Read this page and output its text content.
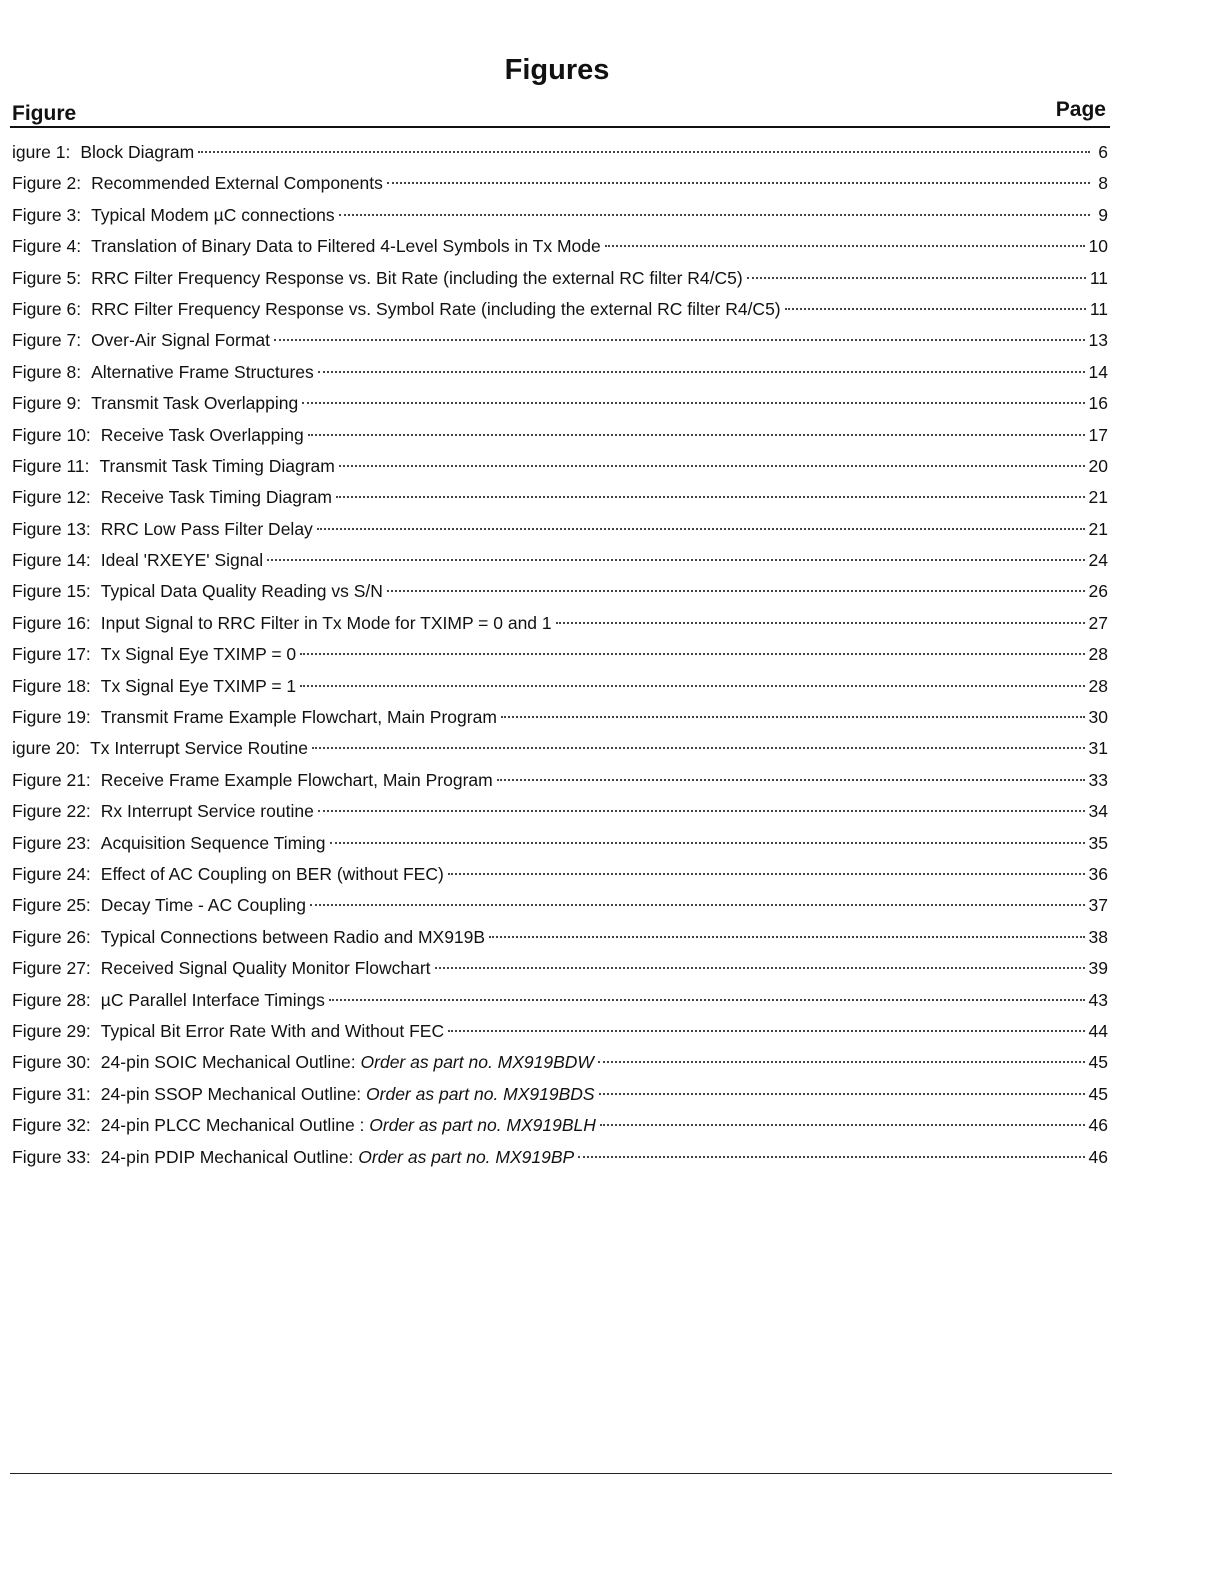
Figures
Figure	Page
igure 1: Block Diagram	6
Figure 2: Recommended External Components	8
Figure 3: Typical Modem µC connections	9
Figure 4: Translation of Binary Data to Filtered 4-Level Symbols in Tx Mode	10
Figure 5: RRC Filter Frequency Response vs. Bit Rate (including the external RC filter R4/C5)	11
Figure 6: RRC Filter Frequency Response vs. Symbol Rate (including the external RC filter R4/C5)	11
Figure 7: Over-Air Signal Format	13
Figure 8: Alternative Frame Structures	14
Figure 9: Transmit Task Overlapping	16
Figure 10: Receive Task Overlapping	17
Figure 11: Transmit Task Timing Diagram	20
Figure 12: Receive Task Timing Diagram	21
Figure 13: RRC Low Pass Filter Delay	21
Figure 14: Ideal 'RXEYE' Signal	24
Figure 15: Typical Data Quality Reading vs S/N	26
Figure 16: Input Signal to RRC Filter in Tx Mode for TXIMP = 0 and 1	27
Figure 17: Tx Signal Eye TXIMP = 0	28
Figure 18: Tx Signal Eye TXIMP = 1	28
Figure 19: Transmit Frame Example Flowchart, Main Program	30
igure 20: Tx Interrupt Service Routine	31
Figure 21: Receive Frame Example Flowchart, Main Program	33
Figure 22: Rx Interrupt Service routine	34
Figure 23: Acquisition Sequence Timing	35
Figure 24: Effect of AC Coupling on BER (without FEC)	36
Figure 25: Decay Time - AC Coupling	37
Figure 26: Typical Connections between Radio and MX919B	38
Figure 27: Received Signal Quality Monitor Flowchart	39
Figure 28: µC Parallel Interface Timings	43
Figure 29: Typical Bit Error Rate With and Without FEC	44
Figure 30: 24-pin SOIC Mechanical Outline: Order as part no. MX919BDW	45
Figure 31: 24-pin SSOP Mechanical Outline: Order as part no. MX919BDS	45
Figure 32: 24-pin PLCC Mechanical Outline : Order as part no. MX919BLH	46
Figure 33: 24-pin PDIP Mechanical Outline: Order as part no. MX919BP	46
